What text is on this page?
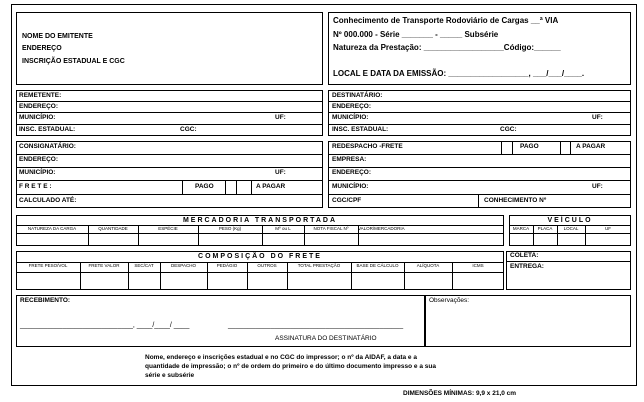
NOME DO EMITENTE
ENDEREÇO
INSCRIÇÃO ESTADUAL E CGC
Conhecimento de Transporte Rodoviário de Cargas __ª VIA
Nº 000.000 - Série _______ - _____ Subsérie
Natureza da Prestação: __________________Código:______
LOCAL E DATA DA EMISSÃO: __________________, ___/___/____.
REMETENTE:
ENDEREÇO:
MUNICÍPIO:	UF:
INSC. ESTADUAL:	CGC:
DESTINATÁRIO:
ENDEREÇO:
MUNICÍPIO:	UF:
INSC. ESTADUAL:	CGC:
CONSIGNATÁRIO:
ENDEREÇO:
MUNICÍPIO:	UF:
F R E T E :	PAGO	A PAGAR
CALCULADO ATÉ:
REDESPACHO -FRETE	PAGO	A PAGAR
EMPRESA:
ENDEREÇO:
MUNICÍPIO:	UF:
CGC/CPF	CONHECIMENTO Nº
MERCADORIA TRANSPORTADA
NATUREZA DA CARGA	QUANTIDADE	ESPÉCIE	PESO (Kg)	Mº ou L	NOTA FISCAL Nº	VALOR/MERCADORIA
VEÍCULO
MARCA	PLACA	LOCAL	UF
COMPOSIÇÃO DO FRETE
FRETE PESO/VOL	FRETE VALOR	SEC/CAT	DESPACHO	PEDÁGIO	OUTROS	TOTAL PRESTAÇÃO	BASE DE CÁLCULO	ALÍQUOTA	ICMS
COLETA:
ENTREGA:
RECEBIMENTO:
_____________________________, ____/____/ ____	_____________________________________________
ASSINATURA DO DESTINATÁRIO
Observações:
Nome, endereço e inscrições estadual e no CGC do impressor; o nº da AIDAF, a data e a
quantidade de impressão; o nº de ordem do primeiro e do último documento impresso e a sua
série e subsérie
DIMENSÕES MÍNIMAS: 9,9 x 21,0 cm
